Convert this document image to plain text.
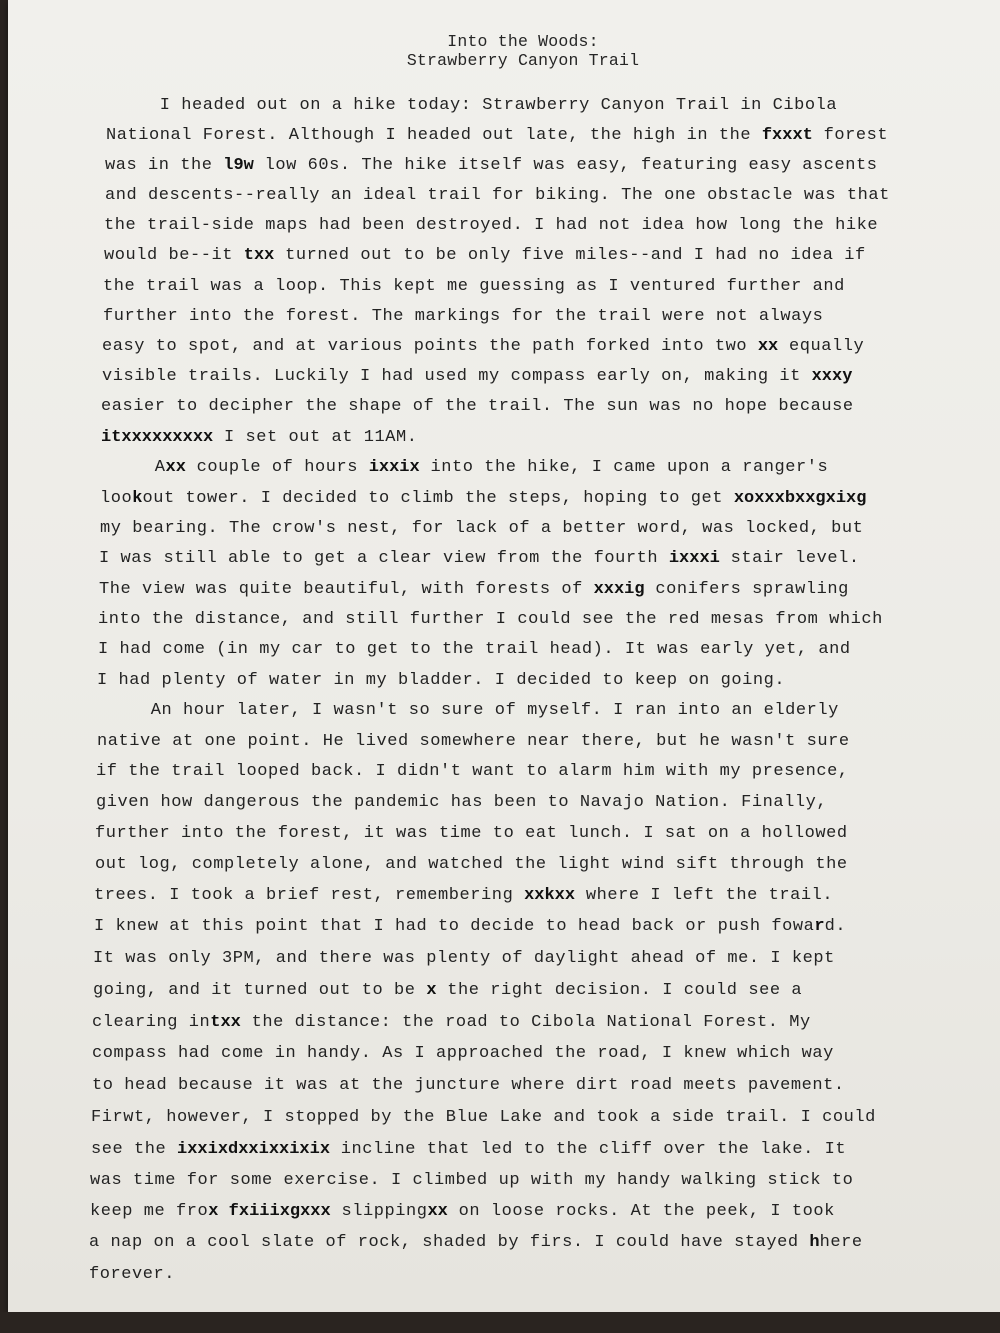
Into the Woods:
Strawberry Canyon Trail
I headed out on a hike today: Strawberry Canyon Trail in Cibola
National Forest. Although I headed out late, the high in the fxxxt forest
was in the l9w low 60s. The hike itself was easy, featuring easy ascents
and descents--really an ideal trail for biking. The one obstacle was that
the trail-side maps had been destroyed. I had not idea how long the hike
would be--it txx turned out to be only five miles--and I had no idea if
the trail was a loop. This kept me guessing as I ventured further and
further into the forest. The markings for the trail were not always
easy to spot, and at various points the path forked into two xx equally
visible trails. Luckily I had used my compass early on, making it xxxy
easier to decipher the shape of the trail. The sun was no hope because
itxxxxxxxxx I set out at 11AM.
Axx couple of hours ixxix into the hike, I came upon a ranger's
lookout tower. I decided to climb the steps, hoping to get xoxxxbxxgxixg
my bearing. The crow's nest, for lack of a better word, was locked, but
I was still able to get a clear view from the fourth ixxxi stair level.
The view was quite beautiful, with forests of xxxig conifers sprawling
into the distance, and still further I could see the red mesas from which
I had come (in my car to get to the trail head). It was early yet, and
I had plenty of water in my bladder. I decided to keep on going.
An hour later, I wasn't so sure of myself. I ran into an elderly
native at one point. He lived somewhere near there, but he wasn't sure
if the trail looped back. I didn't want to alarm him with my presence,
given how dangerous the pandemic has been to Navajo Nation. Finally,
further into the forest, it was time to eat lunch. I sat on a hollowed
out log, completely alone, and watched the light wind sift through the
trees. I took a brief rest, remembering xxkxx where I left the trail.
I knew at this point that I had to decide to head back or push foward.
It was only 3PM, and there was plenty of daylight ahead of me. I kept
going, and it turned out to be x the right decision. I could see a
clearing intxx the distance: the road to Cibola National Forest. My
compass had come in handy. As I approached the road, I knew which way
to head because it was at the juncture where dirt road meets pavement.
Firwt, however, I stopped by the Blue Lake and took a side trail. I could
see the ixxixdxxixxixix incline that led to the cliff over the lake. It
was time for some exercise. I climbed up with my handy walking stick to
keep me frox fxiiixgxxx slippingxx on loose rocks. At the peek, I took
a nap on a cool slate of rock, shaded by firs. I could have stayed hhere
forever.
